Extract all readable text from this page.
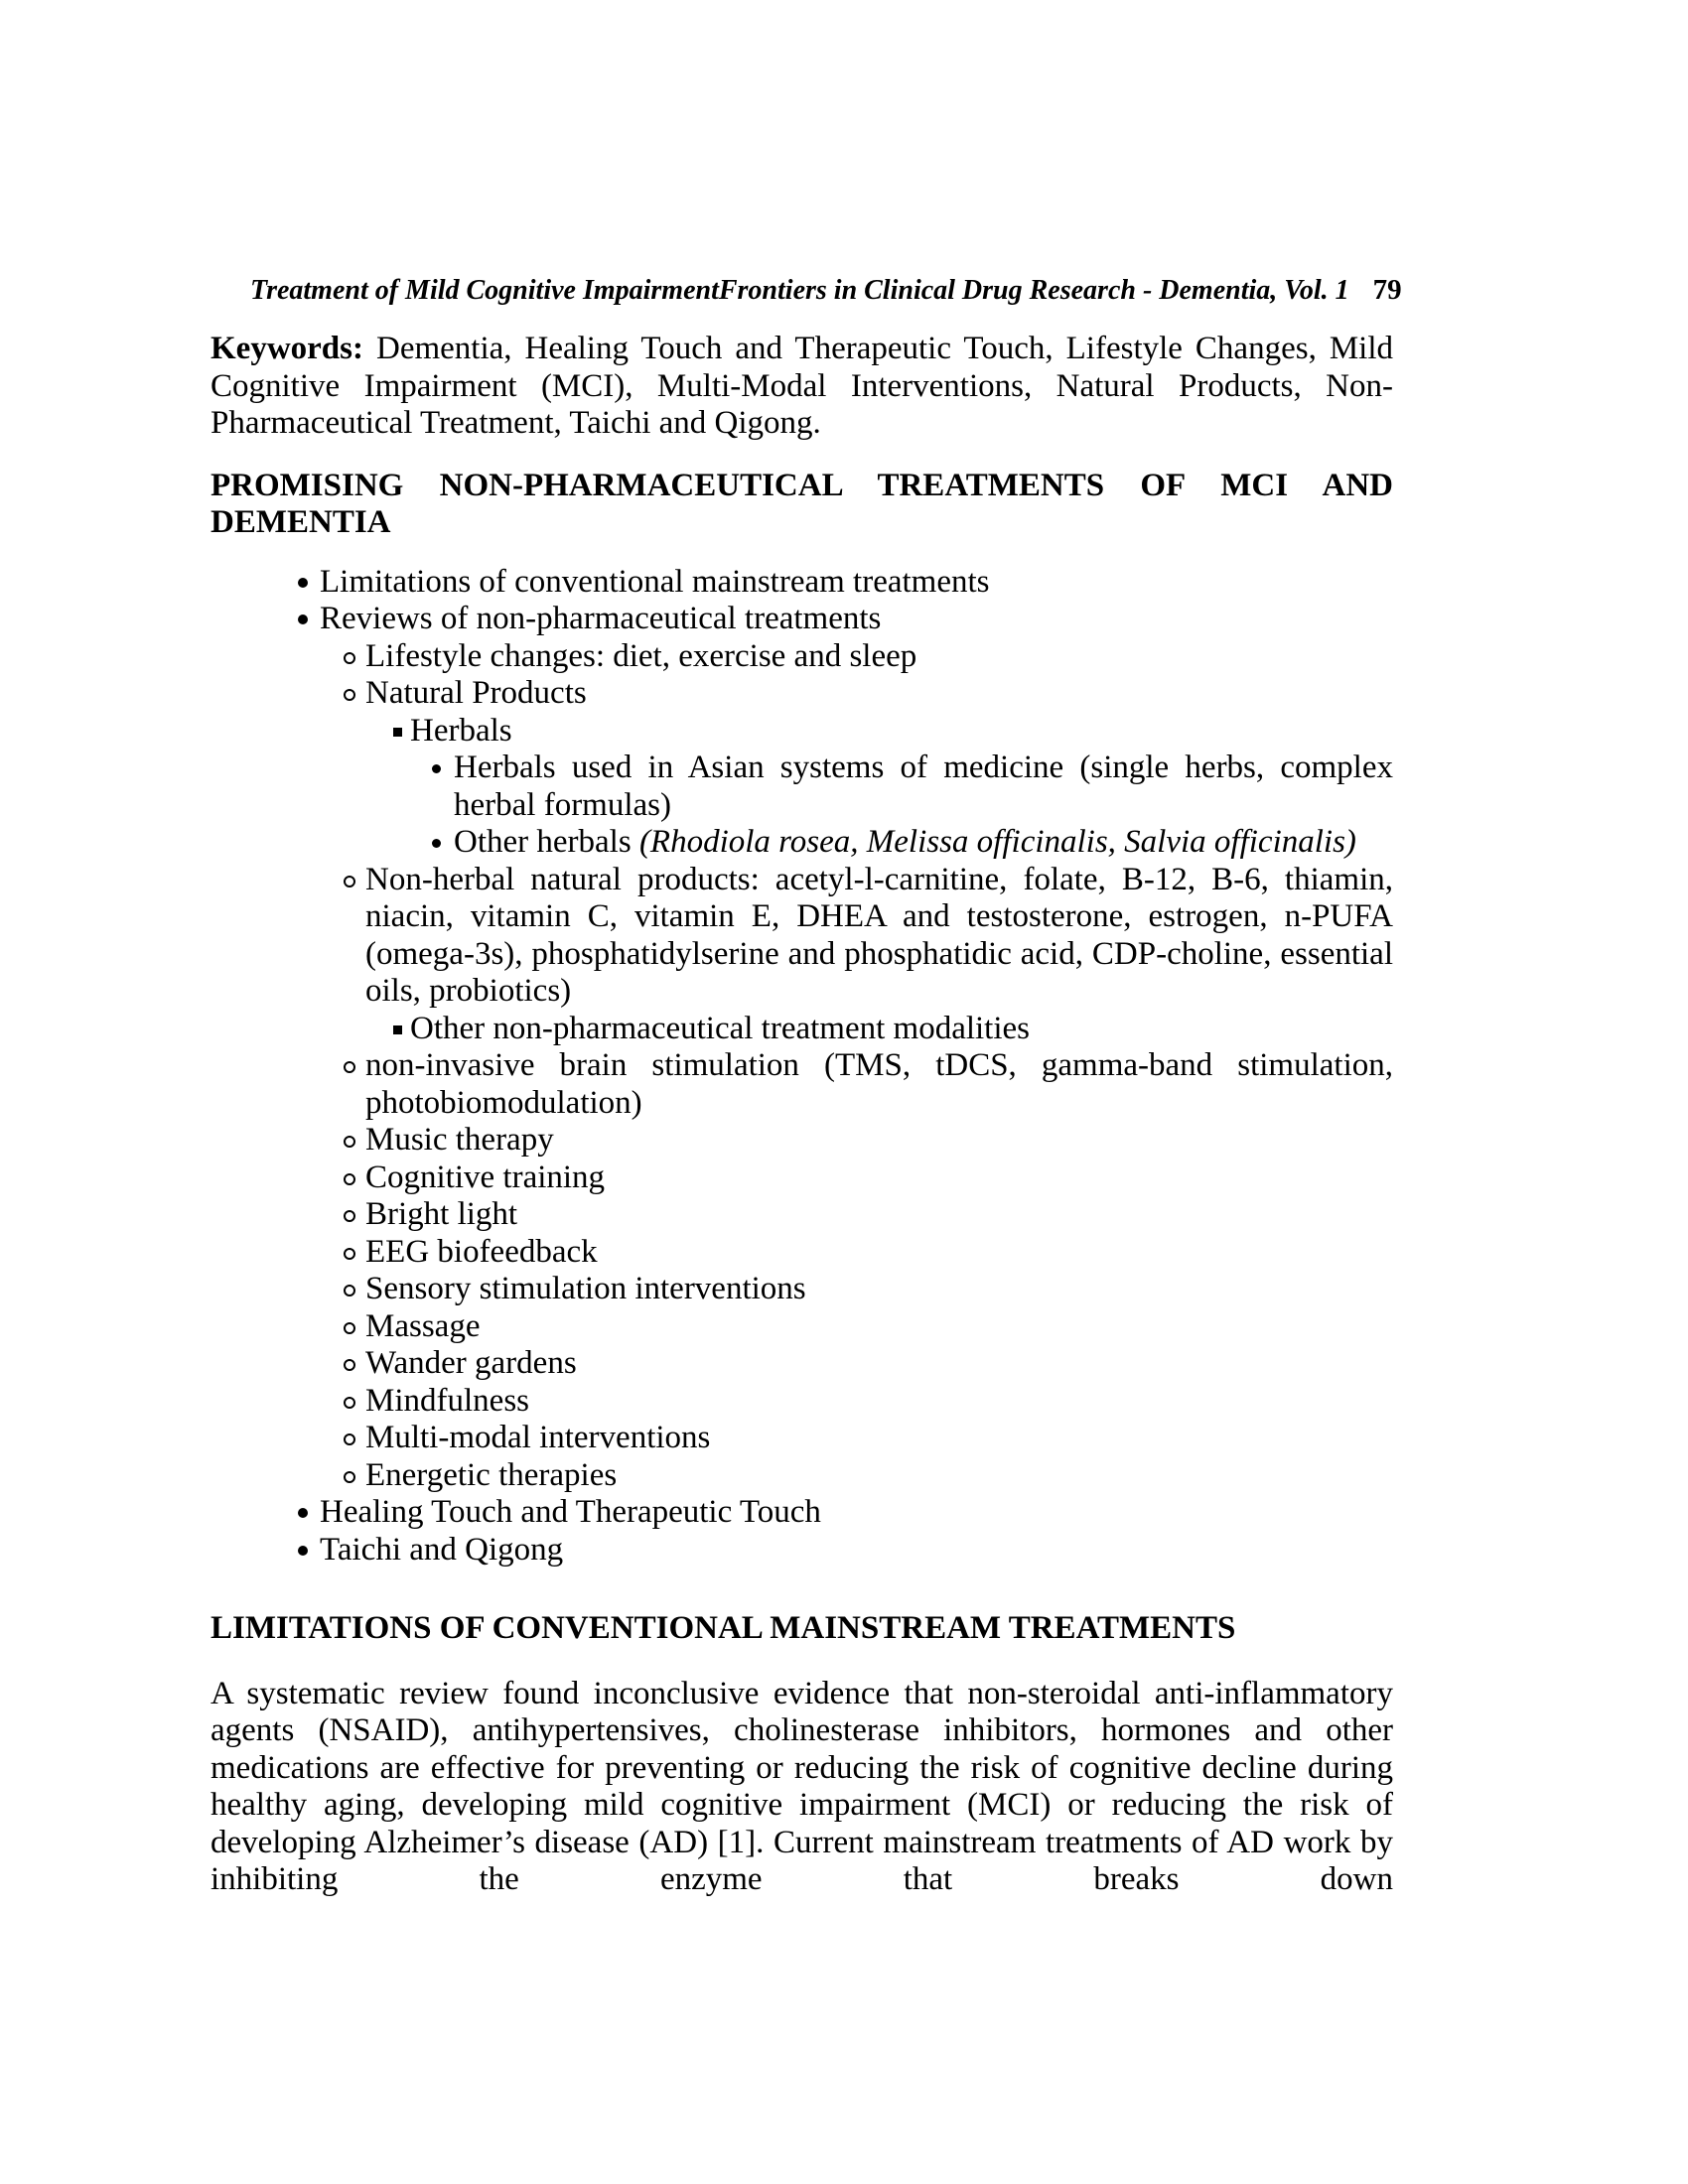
Treatment of Mild Cognitive Impairment Frontiers in Clinical Drug Research - Dementia, Vol. 1 79

Keywords: Dementia, Healing Touch and Therapeutic Touch, Lifestyle Changes, Mild Cognitive Impairment (MCI), Multi-Modal Interventions, Natural Products, Non-Pharmaceutical Treatment, Taichi and Qigong.

PROMISING NON-PHARMACEUTICAL TREATMENTS OF MCI AND DEMENTIA
Limitations of conventional mainstream treatments
Reviews of non-pharmaceutical treatments
Lifestyle changes: diet, exercise and sleep
Natural Products
Herbals
Herbals used in Asian systems of medicine (single herbs, complex herbal formulas)
Other herbals (Rhodiola rosea, Melissa officinalis, Salvia officinalis)
Non-herbal natural products: acetyl-l-carnitine, folate, B-12, B-6, thiamin, niacin, vitamin C, vitamin E, DHEA and testosterone, estrogen, n-PUFA (omega-3s), phosphatidylserine and phosphatidic acid, CDP-choline, essential oils, probiotics)
Other non-pharmaceutical treatment modalities
non-invasive brain stimulation (TMS, tDCS, gamma-band stimulation, photobiomodulation)
Music therapy
Cognitive training
Bright light
EEG biofeedback
Sensory stimulation interventions
Massage
Wander gardens
Mindfulness
Multi-modal interventions
Energetic therapies
Healing Touch and Therapeutic Touch
Taichi and Qigong
LIMITATIONS OF CONVENTIONAL MAINSTREAM TREATMENTS

A systematic review found inconclusive evidence that non-steroidal anti-inflammatory agents (NSAID), antihypertensives, cholinesterase inhibitors, hormones and other medications are effective for preventing or reducing the risk of cognitive decline during healthy aging, developing mild cognitive impairment (MCI) or reducing the risk of developing Alzheimer’s disease (AD) [1]. Current mainstream treatments of AD work by inhibiting the enzyme that breaks down
